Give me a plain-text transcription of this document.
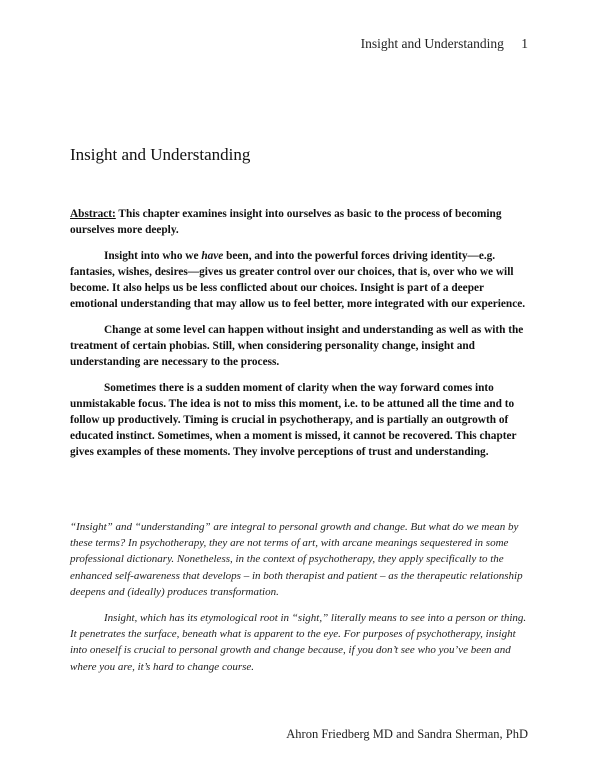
Insight and Understanding 1
Insight and Understanding

Abstract: This chapter examines insight into ourselves as basic to the process of becoming ourselves more deeply.

Insight into who we have been, and into the powerful forces driving identity—e.g. fantasies, wishes, desires—gives us greater control over our choices, that is, over who we will become. It also helps us be less conflicted about our choices. Insight is part of a deeper emotional understanding that may allow us to feel better, more integrated with our experience.

Change at some level can happen without insight and understanding as well as with the treatment of certain phobias. Still, when considering personality change, insight and understanding are necessary to the process.

Sometimes there is a sudden moment of clarity when the way forward comes into unmistakable focus. The idea is not to miss this moment, i.e. to be attuned all the time and to follow up productively. Timing is crucial in psychotherapy, and is partially an outgrowth of educated instinct. Sometimes, when a moment is missed, it cannot be recovered. This chapter gives examples of these moments. They involve perceptions of trust and understanding.

“Insight” and “understanding” are integral to personal growth and change. But what do we mean by these terms? In psychotherapy, they are not terms of art, with arcane meanings sequestered in some professional dictionary. Nonetheless, in the context of psychotherapy, they apply specifically to the enhanced self-awareness that develops – in both therapist and patient – as the therapeutic relationship deepens and (ideally) produces transformation.

Insight, which has its etymological root in “sight,” literally means to see into a person or thing. It penetrates the surface, beneath what is apparent to the eye. For purposes of psychotherapy, insight into oneself is crucial to personal growth and change because, if you don’t see who you’ve been and where you are, it’s hard to change course.

Ahron Friedberg MD and Sandra Sherman, PhD
